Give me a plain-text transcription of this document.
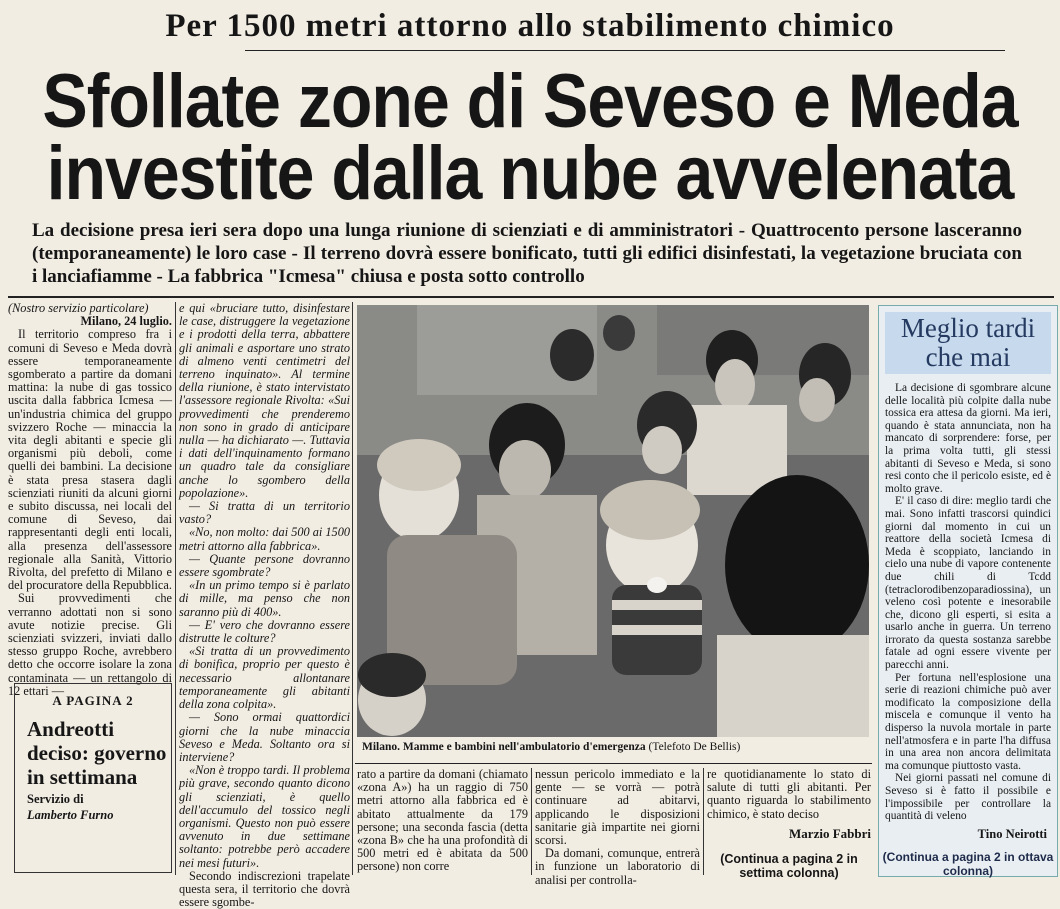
Per 1500 metri attorno allo stabilimento chimico
Sfollate zone di Seveso e Meda
investite dalla nube avvelenata
La decisione presa ieri sera dopo una lunga riunione di scienziati e di amministratori - Quattrocento persone lasceranno (temporaneamente) le loro case - Il terreno dovrà essere bonificato, tutti gli edifici disinfestati, la vegetazione bruciata con i lanciafiamme - La fabbrica "Icmesa" chiusa e posta sotto controllo
(Nostro servizio particolare)
Milano, 24 luglio.

Il territorio compreso fra i comuni di Seveso e Meda dovrà essere temporaneamente sgomberato a partire da domani mattina: la nube di gas tossico uscita dalla fabbrica Icmesa — un'industria chimica del gruppo svizzero Roche — minaccia la vita degli abitanti e specie gli organismi più deboli, come quelli dei bambini. La decisione è stata presa stasera dagli scienziati riuniti da alcuni giorni e subito discussa, nei locali del comune di Seveso, dai rappresentanti degli enti locali, alla presenza dell'assessore regionale alla Sanità, Vittorio Rivolta, del prefetto di Milano e del procuratore della Repubblica.

Sui provvedimenti che verranno adottati non si sono avute notizie precise. Gli scienziati svizzeri, inviati dallo stesso gruppo Roche, avrebbero detto che occorre isolare la zona contaminata — un rettangolo di 12 ettari —

A PAGINA 2
Andreotti deciso: governo in settimana
Servizio di
Lamberto Furno

e qui «bruciare tutto, disinfestare le case, distruggere la vegetazione e i prodotti della terra, abbattere gli animali e asportare uno strato di almeno venti centimetri del terreno inquinato». Al termine della riunione, è stato intervistato l'assessore regionale Rivolta: «Sui provvedimenti che prenderemo non sono in grado di anticipare nulla — ha dichiarato —. Tuttavia i dati dell'inquinamento formano un quadro tale da consigliare anche lo sgombero della popolazione».

— Si tratta di un territorio vasto?

«No, non molto: dai 500 ai 1500 metri attorno alla fabbrica».

— Quante persone dovranno essere sgombrate?

«In un primo tempo si è parlato di mille, ma penso che non saranno più di 400».

— E' vero che dovranno essere distrutte le colture?

«Si tratta di un provvedimento di bonifica, proprio per questo è necessario allontanare temporaneamente gli abitanti della zona colpita».

— Sono ormai quattordici giorni che la nube minaccia Seveso e Meda. Soltanto ora si interviene?

«Non è troppo tardi. Il problema più grave, secondo quanto dicono gli scienziati, è quello dell'accumulo del tossico negli organismi. Questo non può essere avvenuto in due settimane soltanto: potrebbe però accadere nei mesi futuri».

Secondo indiscrezioni trapelate questa sera, il territorio che dovrà essere sgombe-

Milano. Mamme e bambini nell'ambulatorio d'emergenza (Telefoto De Bellis)
rato a partire da domani (chiamato «zona A») ha un raggio di 750 metri attorno alla fabbrica ed è abitato attualmente da 179 persone; una seconda fascia (detta «zona B» che ha una profondità di 500 metri ed è abitata da 500 persone) non corre

nessun pericolo immediato e la gente — se vorrà — potrà continuare ad abitarvi, applicando le disposizioni sanitarie già impartite nei giorni scorsi.

Da domani, comunque, entrerà in funzione un laboratorio di analisi per controlla-

re quotidianamente lo stato di salute di tutti gli abitanti. Per quanto riguarda lo stabilimento chimico, è stato deciso
Marzio Fabbri
(Continua a pagina 2 in settima colonna)
Meglio tardi che mai

La decisione di sgombrare alcune delle località più colpite dalla nube tossica era attesa da giorni. Ma ieri, quando è stata annunciata, non ha mancato di sorprendere: forse, per la prima volta tutti, gli stessi abitanti di Seveso e Meda, si sono resi conto che il pericolo esiste, ed è molto grave.

E' il caso di dire: meglio tardi che mai. Sono infatti trascorsi quindici giorni dal momento in cui un reattore della società Icmesa di Meda è scoppiato, lanciando in cielo una nube di vapore contenente due chili di Tcdd (tetraclorodibenzoparadiossina), un veleno così potente e inesorabile che, dicono gli esperti, si esita a usarlo anche in guerra. Un terreno irrorato da questa sostanza sarebbe fatale ad ogni essere vivente per parecchi anni.

Per fortuna nell'esplosione una serie di reazioni chimiche può aver modificato la composizione della miscela e comunque il vento ha disperso la nuvola mortale in parte nell'atmosfera e in parte l'ha diffusa in una area non ancora delimitata ma comunque piuttosto vasta.

Nei giorni passati nel comune di Seveso si è fatto il possibile e l'impossibile per controllare la quantità di veleno

Tino Neirotti
(Continua a pagina 2 in ottava colonna)
